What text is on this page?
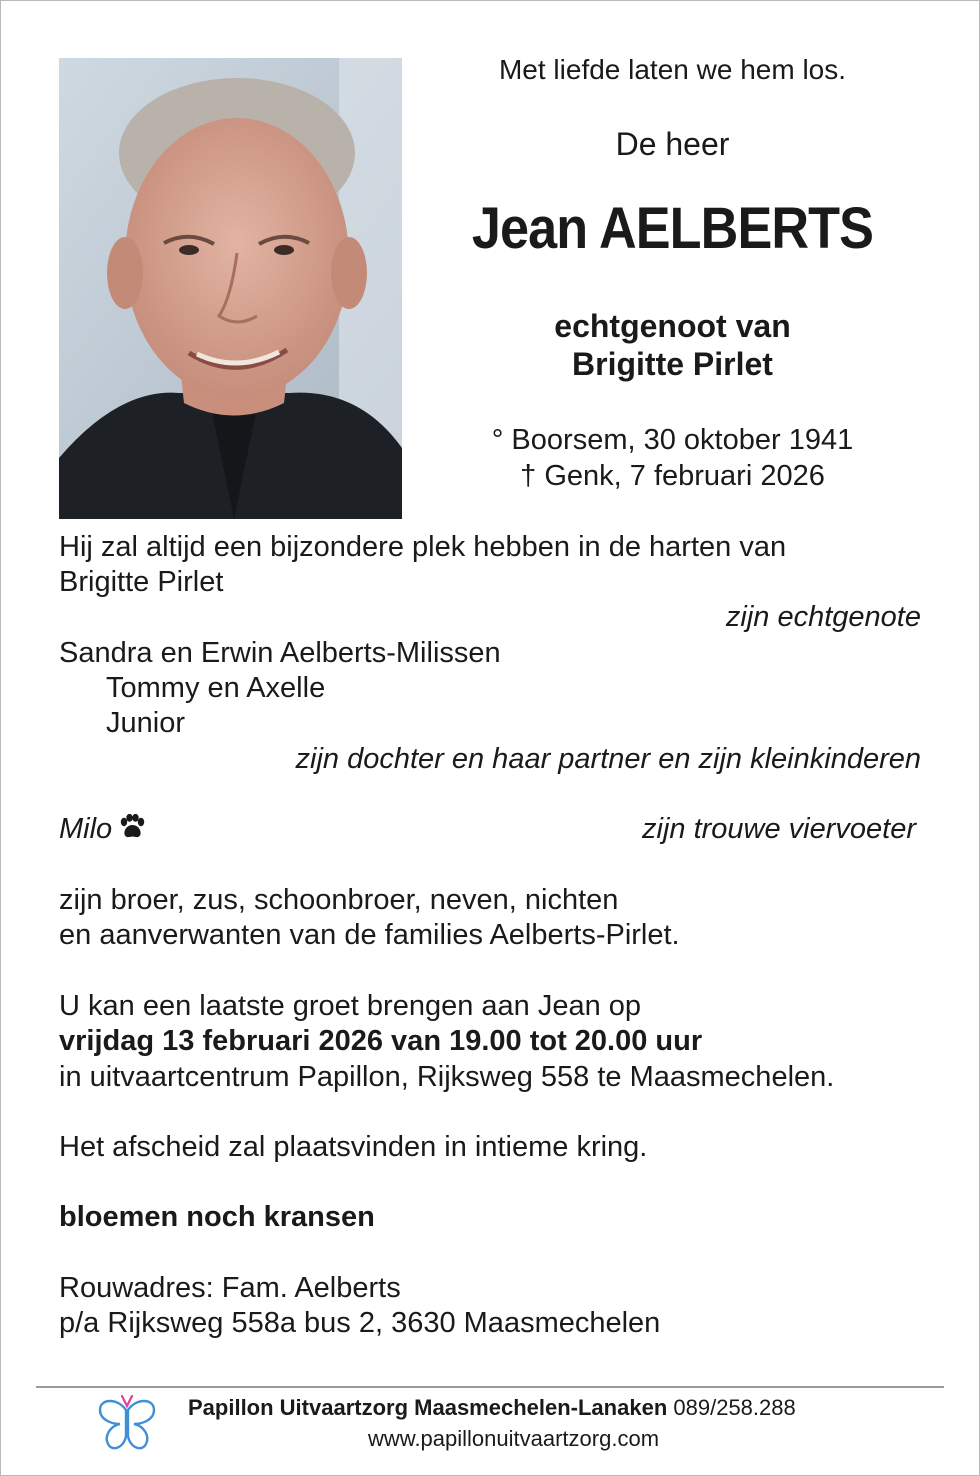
Met liefde laten we hem los.
De heer
Jean AELBERTS
echtgenoot van
Brigitte Pirlet
° Boorsem, 30 oktober 1941
† Genk, 7 februari 2026
Hij zal altijd een bijzondere plek hebben in de harten van
Brigitte Pirlet
zijn echtgenote
Sandra en Erwin Aelberts-Milissen
Tommy en Axelle
Junior
zijn dochter en haar partner en zijn kleinkinderen
Milo	zijn trouwe viervoeter
zijn broer, zus, schoonbroer, neven, nichten
en aanverwanten van de families Aelberts-Pirlet.
U kan een laatste groet brengen aan Jean op
vrijdag 13 februari 2026 van 19.00 tot 20.00 uur
in uitvaartcentrum Papillon, Rijksweg 558 te Maasmechelen.
Het afscheid zal plaatsvinden in intieme kring.
bloemen noch kransen
Rouwadres: Fam. Aelberts
p/a Rijksweg 558a bus 2, 3630 Maasmechelen
Papillon Uitvaartzorg Maasmechelen-Lanaken 089/258.288
www.papillonuitvaartzorg.com
